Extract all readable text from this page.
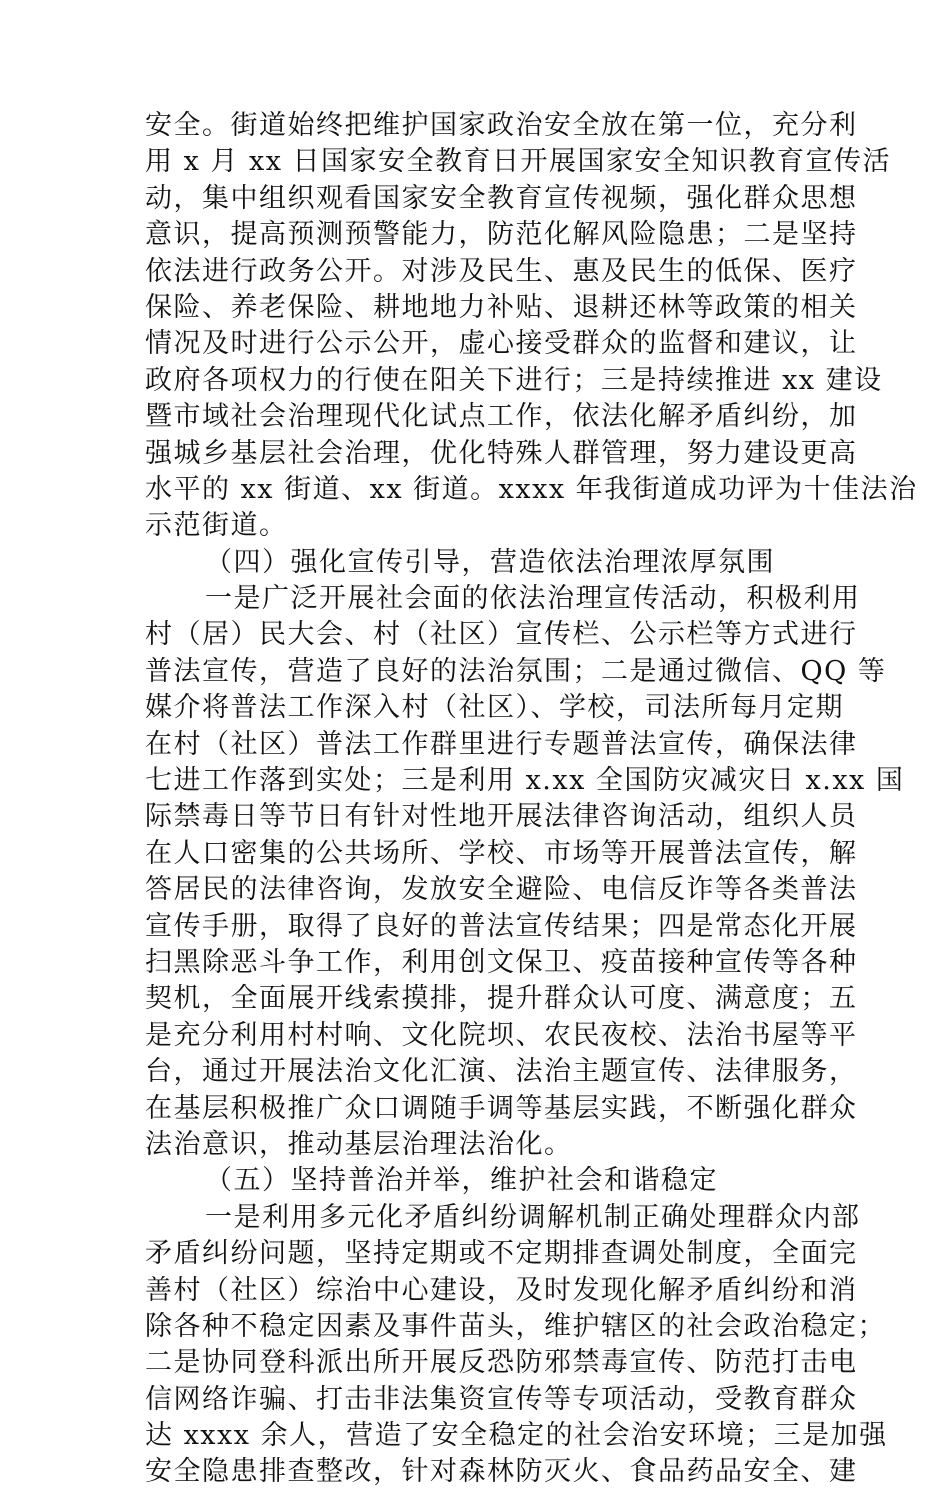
安全。街道始终把维护国家政治安全放在第一位，充分利
用 x 月 xx 日国家安全教育日开展国家安全知识教育宣传活
动，集中组织观看国家安全教育宣传视频，强化群众思想
意识，提高预测预警能力，防范化解风险隐患；二是坚持
依法进行政务公开。对涉及民生、惠及民生的低保、医疗
保险、养老保险、耕地地力补贴、退耕还林等政策的相关
情况及时进行公示公开，虚心接受群众的监督和建议，让
政府各项权力的行使在阳关下进行；三是持续推进 xx 建设
暨市域社会治理现代化试点工作，依法化解矛盾纠纷，加
强城乡基层社会治理，优化特殊人群管理，努力建设更高
水平的 xx 街道、xx 街道。xxxx 年我街道成功评为十佳法治
示范街道。
（四）强化宣传引导，营造依法治理浓厚氛围
一是广泛开展社会面的依法治理宣传活动，积极利用
村（居）民大会、村（社区）宣传栏、公示栏等方式进行
普法宣传，营造了良好的法治氛围；二是通过微信、QQ 等
媒介将普法工作深入村（社区）、学校，司法所每月定期
在村（社区）普法工作群里进行专题普法宣传，确保法律
七进工作落到实处；三是利用 x.xx 全国防灾减灾日 x.xx 国
际禁毒日等节日有针对性地开展法律咨询活动，组织人员
在人口密集的公共场所、学校、市场等开展普法宣传，解
答居民的法律咨询，发放安全避险、电信反诈等各类普法
宣传手册，取得了良好的普法宣传结果；四是常态化开展
扫黑除恶斗争工作，利用创文保卫、疫苗接种宣传等各种
契机，全面展开线索摸排，提升群众认可度、满意度；五
是充分利用村村响、文化院坝、农民夜校、法治书屋等平
台，通过开展法治文化汇演、法治主题宣传、法律服务，
在基层积极推广众口调随手调等基层实践，不断强化群众
法治意识，推动基层治理法治化。
（五）坚持普治并举，维护社会和谐稳定
一是利用多元化矛盾纠纷调解机制正确处理群众内部
矛盾纠纷问题，坚持定期或不定期排查调处制度，全面完
善村（社区）综治中心建设，及时发现化解矛盾纠纷和消
除各种不稳定因素及事件苗头，维护辖区的社会政治稳定；
二是协同登科派出所开展反恐防邪禁毒宣传、防范打击电
信网络诈骗、打击非法集资宣传等专项活动，受教育群众
达 xxxx 余人，营造了安全稳定的社会治安环境；三是加强
安全隐患排查整改，针对森林防灭火、食品药品安全、建
